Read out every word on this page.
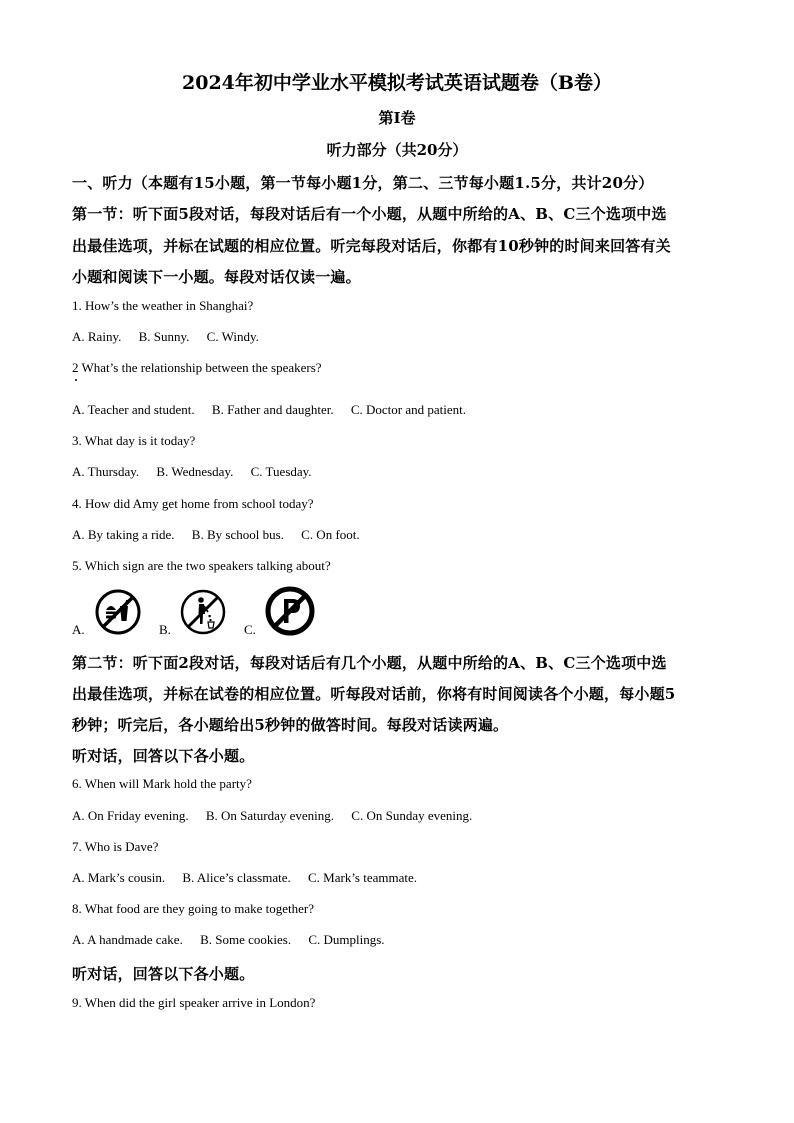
2024年初中学业水平模拟考试英语试题卷（B卷）
第I卷
听力部分（共20分）
一、听力（本题有15小题，第一节每小题1分，第二、三节每小题1.5分，共计20分）
第一节：听下面5段对话，每段对话后有一个小题，从题中所给的A、B、C三个选项中选
出最佳选项，并标在试题的相应位置。听完每段对话后，你都有10秒钟的时间来回答有关
小题和阅读下一小题。每段对话仅读一遍。
1. How’s the weather in Shanghai?
A. Rainy. B. Sunny. C. Windy.
2 What’s the relationship between the speakers?
A. Teacher and student. B. Father and daughter. C. Doctor and patient.
3. What day is it today?
A. Thursday. B. Wednesday. C. Tuesday.
4. How did Amy get home from school today?
A. By taking a ride. B. By school bus. C. On foot.
5. Which sign are the two speakers talking about?
A.	B.	C.
第二节：听下面2段对话，每段对话后有几个小题，从题中所给的A、B、C三个选项中选
出最佳选项，并标在试卷的相应位置。听每段对话前，你将有时间阅读各个小题，每小题5
秒钟；听完后，各小题给出5秒钟的做答时间。每段对话读两遍。
听对话，回答以下各小题。
6. When will Mark hold the party?
A. On Friday evening. B. On Saturday evening. C. On Sunday evening.
7. Who is Dave?
A. Mark’s cousin. B. Alice’s classmate. C. Mark’s teammate.
8. What food are they going to make together?
A. A handmade cake. B. Some cookies. C. Dumplings.
听对话，回答以下各小题。
9. When did the girl speaker arrive in London?
